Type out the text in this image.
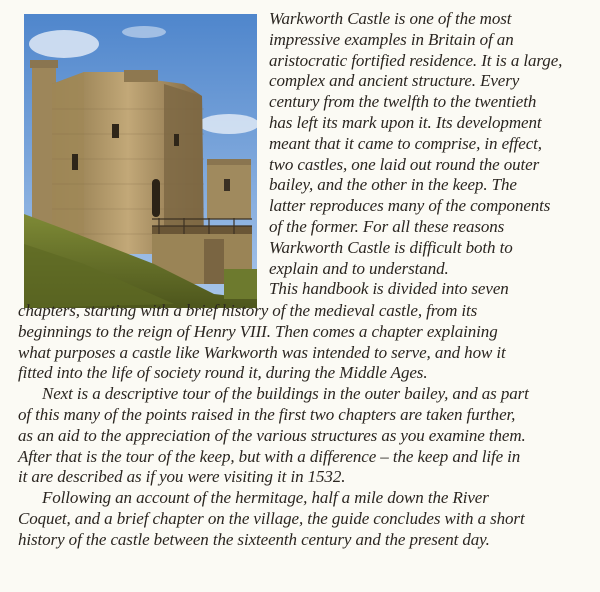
Warkworth Castle is one of the most
impressive examples in Britain of an
aristocratic fortified residence. It is a large,
complex and ancient structure. Every
century from the twelfth to the twentieth
has left its mark upon it. Its development
meant that it came to comprise, in effect,
two castles, one laid out round the outer
bailey, and the other in the keep. The
latter reproduces many of the components
of the former. For all these reasons
Warkworth Castle is difficult both to
explain and to understand.
This handbook is divided into seven
chapters, starting with a brief history of the medieval castle, from its
beginnings to the reign of Henry VIII. Then comes a chapter explaining
what purposes a castle like Warkworth was intended to serve, and how it
fitted into the life of society round it, during the Middle Ages.
Next is a descriptive tour of the buildings in the outer bailey, and as part
of this many of the points raised in the first two chapters are taken further,
as an aid to the appreciation of the various structures as you examine them.
After that is the tour of the keep, but with a difference – the keep and life in
it are described as if you were visiting it in 1532.
Following an account of the hermitage, half a mile down the River
Coquet, and a brief chapter on the village, the guide concludes with a short
history of the castle between the sixteenth century and the present day.
